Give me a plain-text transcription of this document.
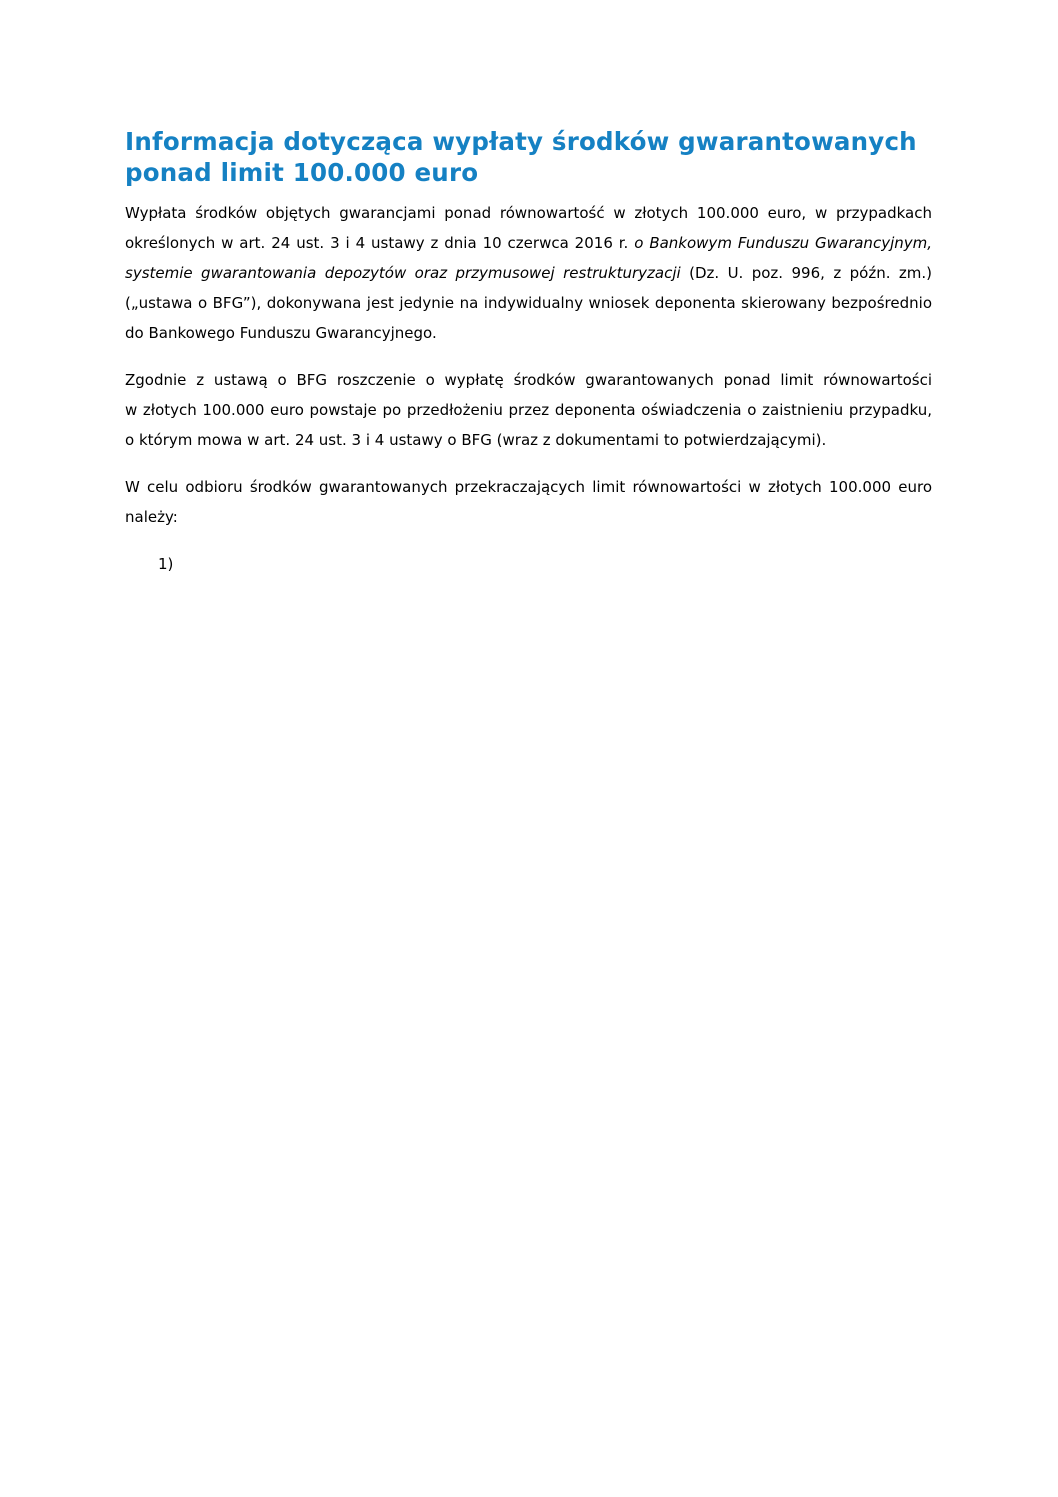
Informacja dotycząca wypłaty środków gwarantowanych ponad limit 100.000 euro

Wypłata środków objętych gwarancjami ponad równowartość w złotych 100.000 euro, w przypadkach określonych w art. 24 ust. 3 i 4 ustawy z dnia 10 czerwca 2016 r. o Bankowym Funduszu Gwarancyjnym, systemie gwarantowania depozytów oraz przymusowej restrukturyzacji (Dz. U. poz. 996, z późn. zm.) („ustawa o BFG”), dokonywana jest jedynie na indywidualny wniosek deponenta skierowany bezpośrednio do Bankowego Funduszu Gwarancyjnego.

Zgodnie z ustawą o BFG roszczenie o wypłatę środków gwarantowanych ponad limit równowartości w złotych 100.000 euro powstaje po przedłożeniu przez deponenta oświadczenia o zaistnieniu przypadku, o którym mowa w art. 24 ust. 3 i 4 ustawy o BFG (wraz z dokumentami to potwierdzającymi).

W celu odbioru środków gwarantowanych przekraczających limit równowartości w złotych 100.000 euro należy:

1)
